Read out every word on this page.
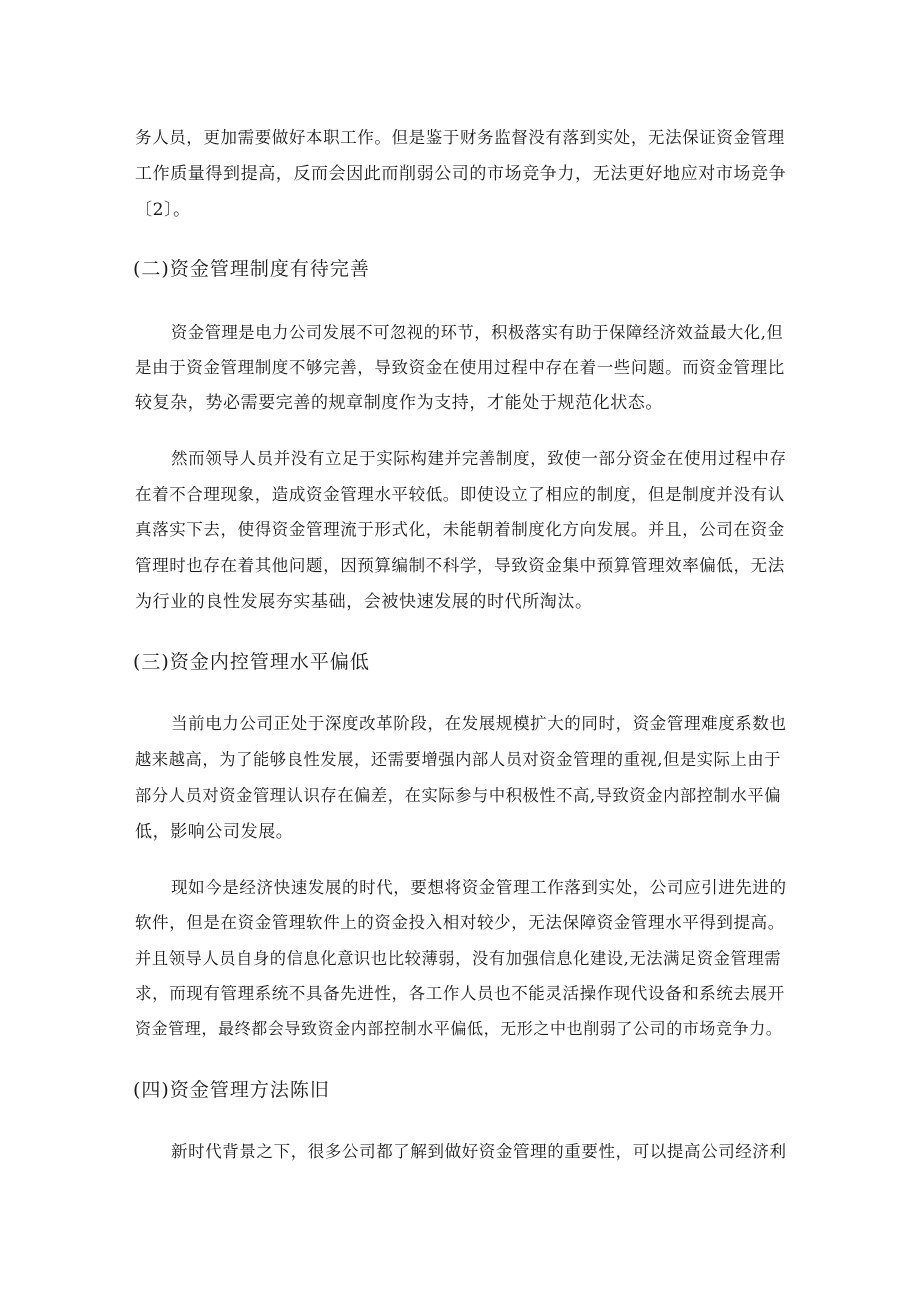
务人员，更加需要做好本职工作。但是鉴于财务监督没有落到实处，无法保证资金管理
工作质量得到提高，反而会因此而削弱公司的市场竞争力，无法更好地应对市场竞争
〔2〕。
(二)资金管理制度有待完善
资金管理是电力公司发展不可忽视的环节，积极落实有助于保障经济效益最大化,但
是由于资金管理制度不够完善，导致资金在使用过程中存在着一些问题。而资金管理比
较复杂，势必需要完善的规章制度作为支持，才能处于规范化状态。
然而领导人员并没有立足于实际构建并完善制度，致使一部分资金在使用过程中存
在着不合理现象，造成资金管理水平较低。即使设立了相应的制度，但是制度并没有认
真落实下去，使得资金管理流于形式化，未能朝着制度化方向发展。并且，公司在资金
管理时也存在着其他问题，因预算编制不科学，导致资金集中预算管理效率偏低，无法
为行业的良性发展夯实基础，会被快速发展的时代所淘汰。
(三)资金内控管理水平偏低
当前电力公司正处于深度改革阶段，在发展规模扩大的同时，资金管理难度系数也
越来越高，为了能够良性发展，还需要增强内部人员对资金管理的重视,但是实际上由于
部分人员对资金管理认识存在偏差，在实际参与中积极性不高,导致资金内部控制水平偏
低，影响公司发展。
现如今是经济快速发展的时代，要想将资金管理工作落到实处，公司应引进先进的
软件，但是在资金管理软件上的资金投入相对较少，无法保障资金管理水平得到提高。
并且领导人员自身的信息化意识也比较薄弱，没有加强信息化建设,无法满足资金管理需
求，而现有管理系统不具备先进性，各工作人员也不能灵活操作现代设备和系统去展开
资金管理，最终都会导致资金内部控制水平偏低，无形之中也削弱了公司的市场竞争力。
(四)资金管理方法陈旧
新时代背景之下，很多公司都了解到做好资金管理的重要性，可以提高公司经济利
